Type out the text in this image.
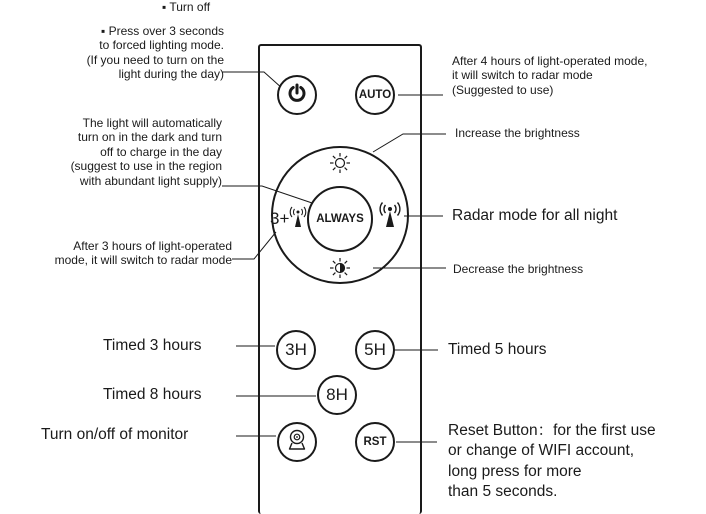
AUTO
ALWAYS
3+
3H	5H
8H
RST
▪ Turn off
▪ Press over 3 seconds
to forced lighting mode.
(If you need to turn on the
light during the day)
The light will automatically
turn on in the dark and turn
off to charge in the day
(suggest to use in the region
with abundant light supply)
After 3 hours of light-operated
mode, it will switch to radar mode
After 4 hours of light-operated mode,
it will switch to radar mode
(Suggested to use)
Increase the brightness
Radar mode for all night
Decrease the brightness
Timed 3 hours	Timed 5 hours
Timed 8 hours
Turn on/off of monitor	Reset Button：for the first use
or change of WIFI account,
long press for more
than 5 seconds.
